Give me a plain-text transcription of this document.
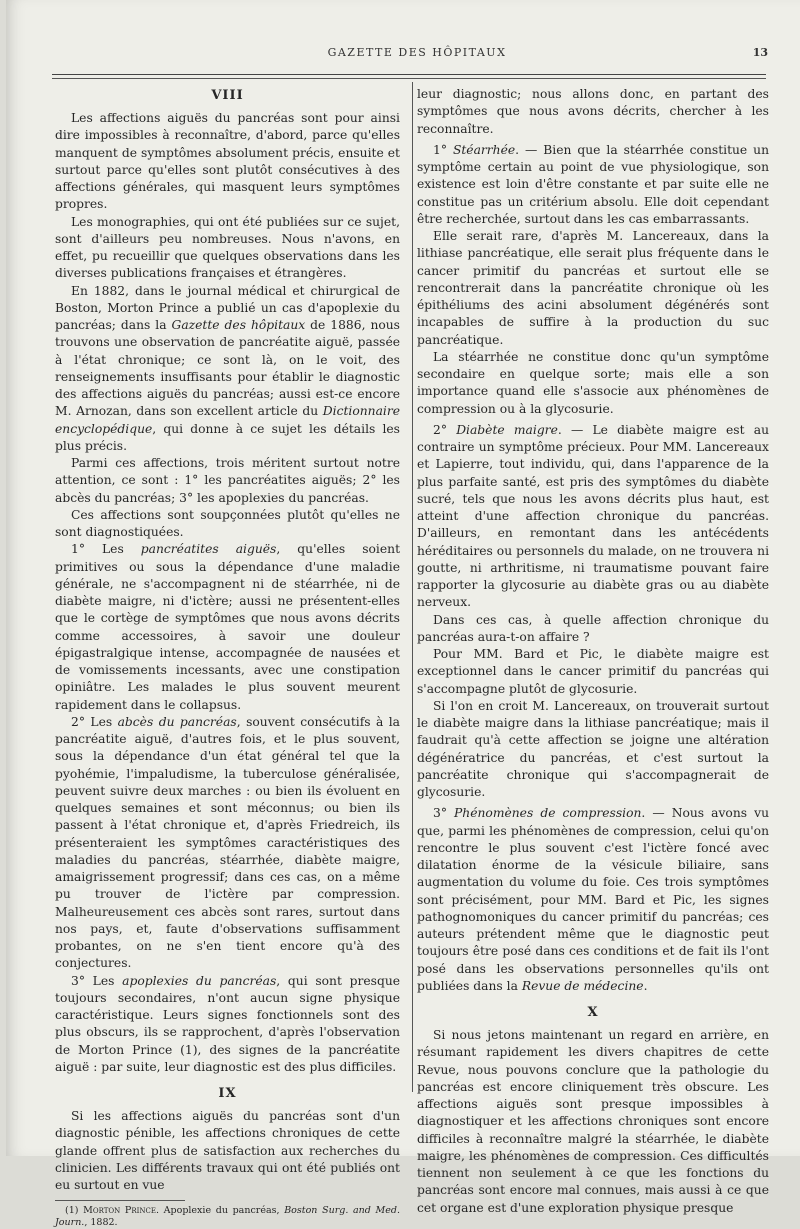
GAZETTE DES HÔPITAUX	13
VIII

Les affections aiguës du pancréas sont pour ainsi dire impossibles à reconnaître, d'abord, parce qu'elles manquent de symptômes absolument précis, ensuite et surtout parce qu'elles sont plutôt consécutives à des affections générales, qui masquent leurs symptômes propres.

Les monographies, qui ont été publiées sur ce sujet, sont d'ailleurs peu nombreuses. Nous n'avons, en effet, pu recueillir que quelques observations dans les diverses publications françaises et étrangères.

En 1882, dans le journal médical et chirurgical de Boston, Morton Prince a publié un cas d'apoplexie du pancréas; dans la Gazette des hôpitaux de 1886, nous trouvons une observation de pancréatite aiguë, passée à l'état chronique; ce sont là, on le voit, des renseignements insuffisants pour établir le diagnostic des affections aiguës du pancréas; aussi est-ce encore M. Arnozan, dans son excellent article du Dictionnaire encyclopédique, qui donne à ce sujet les détails les plus précis.

Parmi ces affections, trois méritent surtout notre attention, ce sont : 1° les pancréatites aiguës; 2° les abcès du pancréas; 3° les apoplexies du pancréas.

Ces affections sont soupçonnées plutôt qu'elles ne sont diagnostiquées.

1° Les pancréatites aiguës, qu'elles soient primitives ou sous la dépendance d'une maladie générale, ne s'accompagnent ni de stéarrhée, ni de diabète maigre, ni d'ictère; aussi ne présentent-elles que le cortège de symptômes que nous avons décrits comme accessoires, à savoir une douleur épigastralgique intense, accompagnée de nausées et de vomissements incessants, avec une constipation opiniâtre. Les malades le plus souvent meurent rapidement dans le collapsus.

2° Les abcès du pancréas, souvent consécutifs à la pancréatite aiguë, d'autres fois, et le plus souvent, sous la dépendance d'un état général tel que la pyohémie, l'impaludisme, la tuberculose généralisée, peuvent suivre deux marches : ou bien ils évoluent en quelques semaines et sont méconnus; ou bien ils passent à l'état chronique et, d'après Friedreich, ils présenteraient les symptômes caractéristiques des maladies du pancréas, stéarrhée, diabète maigre, amaigrissement progressif; dans ces cas, on a même pu trouver de l'ictère par compression. Malheureusement ces abcès sont rares, surtout dans nos pays, et, faute d'observations suffisamment probantes, on ne s'en tient encore qu'à des conjectures.

3° Les apoplexies du pancréas, qui sont presque toujours secondaires, n'ont aucun signe physique caractéristique. Leurs signes fonctionnels sont des plus obscurs, ils se rapprochent, d'après l'observation de Morton Prince (1), des signes de la pancréatite aiguë : par suite, leur diagnostic est des plus difficiles.

IX

Si les affections aiguës du pancréas sont d'un diagnostic pénible, les affections chroniques de cette glande offrent plus de satisfaction aux recherches du clinicien. Les différents travaux qui ont été publiés ont eu surtout en vue

(1) Morton Prince. Apoplexie du pancréas, Boston Surg. and Med. Journ., 1882.

leur diagnostic; nous allons donc, en partant des symptômes que nous avons décrits, chercher à les reconnaître.

1° Stéarrhée. — Bien que la stéarrhée constitue un symptôme certain au point de vue physiologique, son existence est loin d'être constante et par suite elle ne constitue pas un critérium absolu. Elle doit cependant être recherchée, surtout dans les cas embarrassants.

Elle serait rare, d'après M. Lancereaux, dans la lithiase pancréatique, elle serait plus fréquente dans le cancer primitif du pancréas et surtout elle se rencontrerait dans la pancréatite chronique où les épithéliums des acini absolument dégénérés sont incapables de suffire à la production du suc pancréatique.

La stéarrhée ne constitue donc qu'un symptôme secondaire en quelque sorte; mais elle a son importance quand elle s'associe aux phénomènes de compression ou à la glycosurie.

2° Diabète maigre. — Le diabète maigre est au contraire un symptôme précieux. Pour MM. Lancereaux et Lapierre, tout individu, qui, dans l'apparence de la plus parfaite santé, est pris des symptômes du diabète sucré, tels que nous les avons décrits plus haut, est atteint d'une affection chronique du pancréas. D'ailleurs, en remontant dans les antécédents héréditaires ou personnels du malade, on ne trouvera ni goutte, ni arthritisme, ni traumatisme pouvant faire rapporter la glycosurie au diabète gras ou au diabète nerveux.

Dans ces cas, à quelle affection chronique du pancréas aura-t-on affaire ?

Pour MM. Bard et Pic, le diabète maigre est exceptionnel dans le cancer primitif du pancréas qui s'accompagne plutôt de glycosurie.

Si l'on en croit M. Lancereaux, on trouverait surtout le diabète maigre dans la lithiase pancréatique; mais il faudrait qu'à cette affection se joigne une altération dégénératrice du pancréas, et c'est surtout la pancréatite chronique qui s'accompagnerait de glycosurie.

3° Phénomènes de compression. — Nous avons vu que, parmi les phénomènes de compression, celui qu'on rencontre le plus souvent c'est l'ictère foncé avec dilatation énorme de la vésicule biliaire, sans augmentation du volume du foie. Ces trois symptômes sont précisément, pour MM. Bard et Pic, les signes pathognomoniques du cancer primitif du pancréas; ces auteurs prétendent même que le diagnostic peut toujours être posé dans ces conditions et de fait ils l'ont posé dans les observations personnelles qu'ils ont publiées dans la Revue de médecine.

X

Si nous jetons maintenant un regard en arrière, en résumant rapidement les divers chapitres de cette Revue, nous pouvons conclure que la pathologie du pancréas est encore cliniquement très obscure. Les affections aiguës sont presque impossibles à diagnostiquer et les affections chroniques sont encore difficiles à reconnaître malgré la stéarrhée, le diabète maigre, les phénomènes de compression. Ces difficultés tiennent non seulement à ce que les fonctions du pancréas sont encore mal connues, mais aussi à ce que cet organe est d'une exploration physique presque
